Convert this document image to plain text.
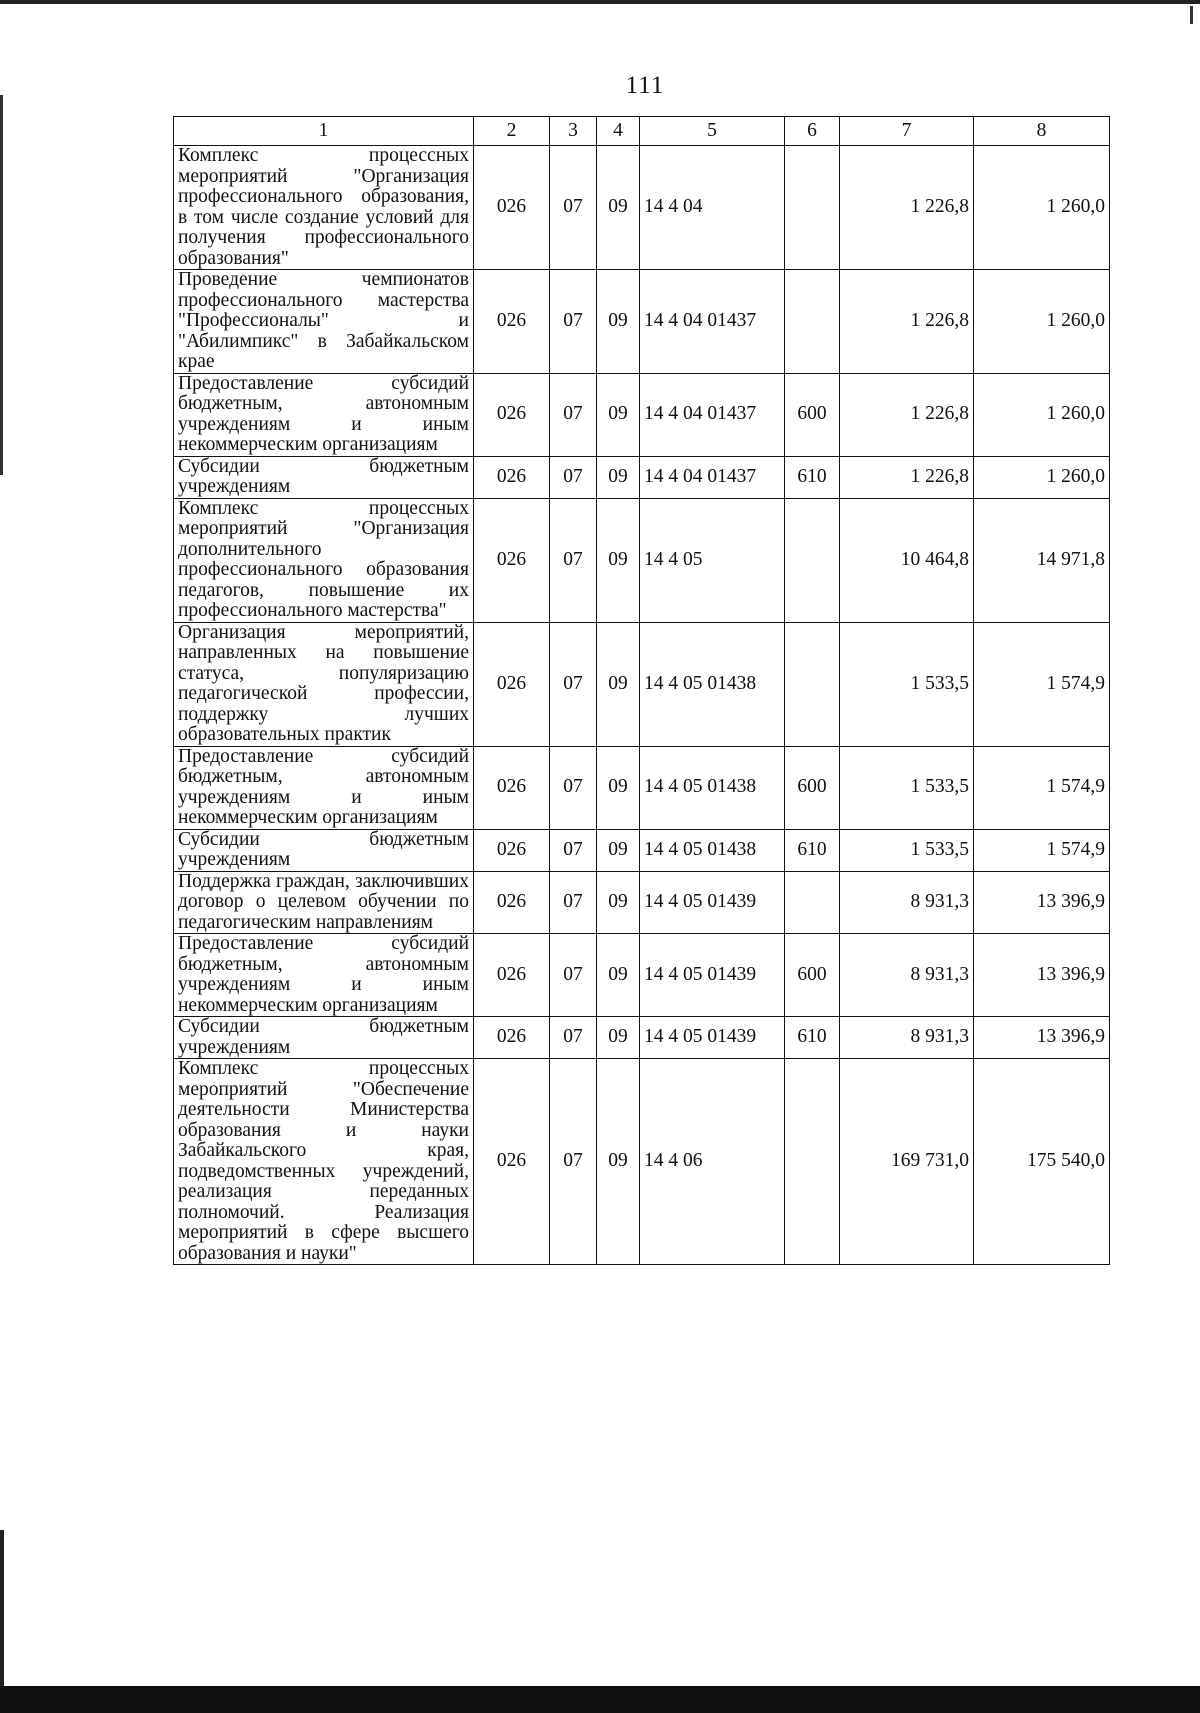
111
1	2	3	4	5	6	7	8
Комплекс процессных мероприятий "Организация профессионального образования, в том числе создание условий для получения профессионального образования"	026	07	09	14 4 04		1 226,8	1 260,0
Проведение чемпионатов профессионального мастерства "Профессионалы" и "Абилимпикс" в Забайкальском крае	026	07	09	14 4 04 01437		1 226,8	1 260,0
Предоставление субсидий бюджетным, автономным учреждениям и иным некоммерческим организациям	026	07	09	14 4 04 01437	600	1 226,8	1 260,0
Субсидии бюджетным учреждениям	026	07	09	14 4 04 01437	610	1 226,8	1 260,0
Комплекс процессных мероприятий "Организация дополнительного профессионального образования педагогов, повышение их профессионального мастерства"	026	07	09	14 4 05		10 464,8	14 971,8
Организация мероприятий, направленных на повышение статуса, популяризацию педагогической профессии, поддержку лучших образовательных практик	026	07	09	14 4 05 01438		1 533,5	1 574,9
Предоставление субсидий бюджетным, автономным учреждениям и иным некоммерческим организациям	026	07	09	14 4 05 01438	600	1 533,5	1 574,9
Субсидии бюджетным учреждениям	026	07	09	14 4 05 01438	610	1 533,5	1 574,9
Поддержка граждан, заключивших договор о целевом обучении по педагогическим направлениям	026	07	09	14 4 05 01439		8 931,3	13 396,9
Предоставление субсидий бюджетным, автономным учреждениям и иным некоммерческим организациям	026	07	09	14 4 05 01439	600	8 931,3	13 396,9
Субсидии бюджетным учреждениям	026	07	09	14 4 05 01439	610	8 931,3	13 396,9
Комплекс процессных мероприятий "Обеспечение деятельности Министерства образования и науки Забайкальского края, подведомственных учреждений, реализация переданных полномочий. Реализация мероприятий в сфере высшего образования и науки"	026	07	09	14 4 06		169 731,0	175 540,0
